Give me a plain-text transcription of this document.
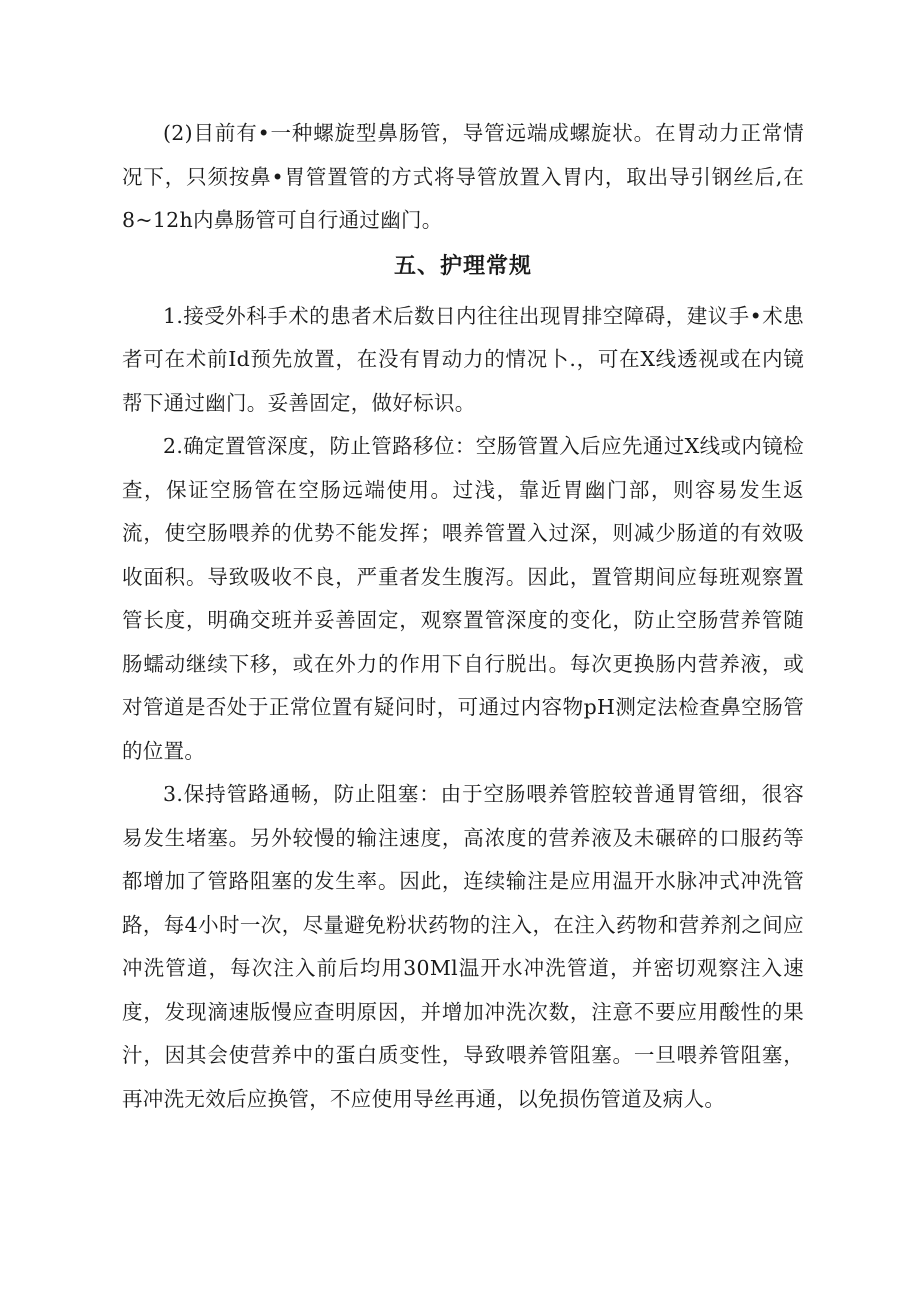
(2)目前有•一种螺旋型鼻肠管，导管远端成螺旋状。在胃动力正常情况下，只须按鼻•胃管置管的方式将导管放置入胃内，取出导引钢丝后,在8~12h内鼻肠管可自行通过幽门。

五、护理常规

1.接受外科手术的患者术后数日内往往出现胃排空障碍，建议手•术患者可在术前Id预先放置，在没有胃动力的情况卜.，可在X线透视或在内镜帮下通过幽门。妥善固定，做好标识。

2.确定置管深度，防止管路移位：空肠管置入后应先通过X线或内镜检查，保证空肠管在空肠远端使用。过浅，靠近胃幽门部，则容易发生返流，使空肠喂养的优势不能发挥；喂养管置入过深，则减少肠道的有效吸收面积。导致吸收不良，严重者发生腹泻。因此，置管期间应每班观察置管长度，明确交班并妥善固定，观察置管深度的变化，防止空肠营养管随肠蠕动继续下移，或在外力的作用下自行脱出。每次更换肠内营养液，或对管道是否处于正常位置有疑问时，可通过内容物pH测定法检查鼻空肠管的位置。

3.保持管路通畅，防止阻塞：由于空肠喂养管腔较普通胃管细，很容易发生堵塞。另外较慢的输注速度，高浓度的营养液及未碾碎的口服药等都增加了管路阻塞的发生率。因此，连续输注是应用温开水脉冲式冲洗管路，每4小时一次，尽量避免粉状药物的注入，在注入药物和营养剂之间应冲洗管道，每次注入前后均用30Ml温开水冲洗管道，并密切观察注入速度，发现滴速版慢应查明原因，并增加冲洗次数，注意不要应用酸性的果汁，因其会使营养中的蛋白质变性，导致喂养管阻塞。一旦喂养管阻塞，再冲洗无效后应换管，不应使用导丝再通，以免损伤管道及病人。
